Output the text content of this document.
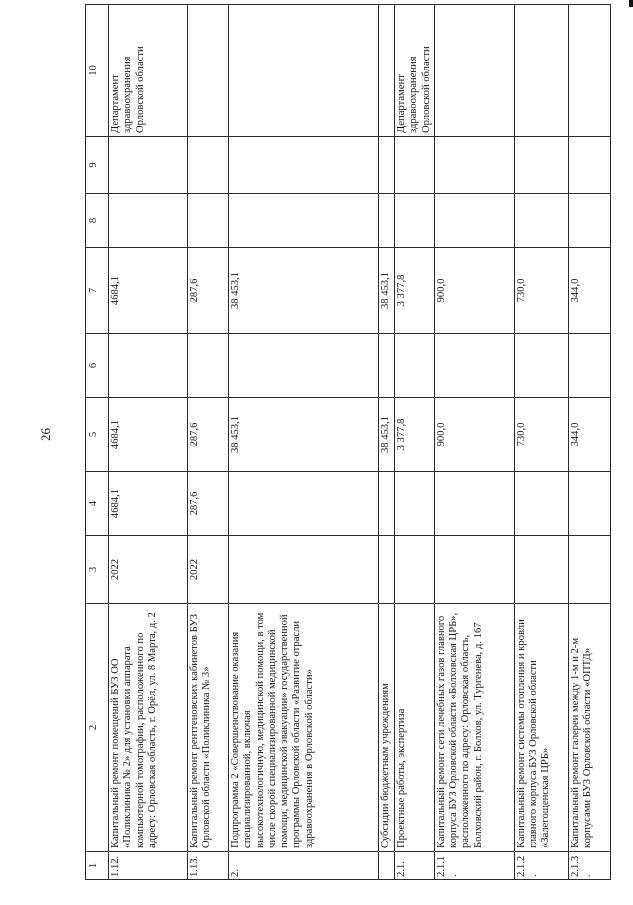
26
1	2	3	4	5	6	7	8	9	10
1.12.	Капитальный ремонт помещений БУЗ ОО «Поликлиника № 2» для установки аппарата компьютерной томографии, расположенного по адресу: Орловская область, г. Орёл, ул. 8 Марта, д. 2	2022	4684,1	4684,1		4684,1			Департамент здравоохранения Орловской области
1.13.	Капитальный ремонт рентгеновских кабинетов БУЗ Орловской области «Поликлиника № 3»	2022	287,6	287,6		287,6			
2.	Подпрограмма 2 «Совершенствование оказания специализированной, включая высокотехнологичную, медицинской помощи, в том числе скорой специализированной медицинской помощи, медицинской эвакуации» государственной программы Орловской области «Развитие отрасли здравоохранения в Орловской области»			38 453,1		38 453,1			
	Субсидии бюджетным учреждениям			38 453,1		38 453,1			
2.1.	Проектные работы, экспертиза			3 377,8		3 377,8			Департамент здравоохранения Орловской области
2.1.1.	Капитальный ремонт сети лечебных газов главного корпуса БУЗ Орловской области «Болховская ЦРБ», расположенного по адресу: Орловская область, Болховский район, г. Болхов, ул. Тургенева, д. 167			900,0		900,0			
2.1.2.	Капитальный ремонт системы отопления и кровли главного корпуса БУЗ Орловской области «Залегощенская ЦРБ»			730,0		730,0			
2.1.3.	Капитальный ремонт галереи между 1-м и 2-м корпусами БУЗ Орловской области «ОПТД»			344,0		344,0			
